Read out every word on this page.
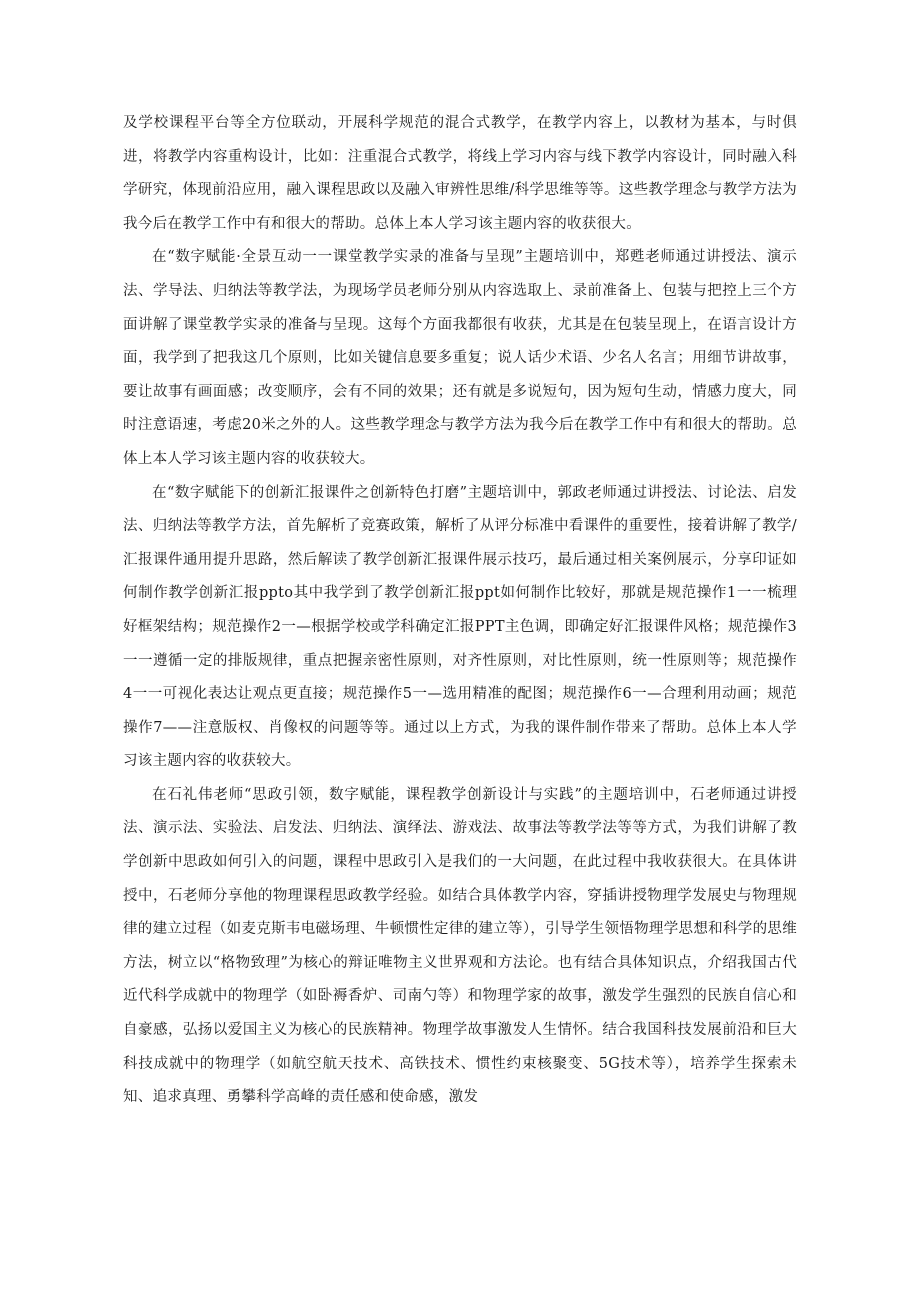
及学校课程平台等全方位联动，开展科学规范的混合式教学，在教学内容上，以教材为基本，与时俱进，将教学内容重构设计，比如：注重混合式教学，将线上学习内容与线下教学内容设计，同时融入科学研究，体现前沿应用，融入课程思政以及融入审辨性思维/科学思维等等。这些教学理念与教学方法为我今后在教学工作中有和很大的帮助。总体上本人学习该主题内容的收获很大。

在“数字赋能·全景互动一一课堂教学实录的准备与呈现”主题培训中，郑甦老师通过讲授法、演示法、学导法、归纳法等教学法，为现场学员老师分别从内容选取上、录前准备上、包装与把控上三个方面讲解了课堂教学实录的准备与呈现。这每个方面我都很有收获，尤其是在包装呈现上，在语言设计方面，我学到了把我这几个原则，比如关键信息要多重复；说人话少术语、少名人名言；用细节讲故事，要让故事有画面感；改变顺序，会有不同的效果；还有就是多说短句，因为短句生动，情感力度大，同时注意语速，考虑20米之外的人。这些教学理念与教学方法为我今后在教学工作中有和很大的帮助。总体上本人学习该主题内容的收获较大。

在“数字赋能下的创新汇报课件之创新特色打磨”主题培训中，郭政老师通过讲授法、讨论法、启发法、归纳法等教学方法，首先解析了竞赛政策，解析了从评分标准中看课件的重要性，接着讲解了教学/汇报课件通用提升思路，然后解读了教学创新汇报课件展示技巧，最后通过相关案例展示，分享印证如何制作教学创新汇报pptο其中我学到了教学创新汇报ppt如何制作比较好，那就是规范操作1一一梳理好框架结构；规范操作2一—根据学校或学科确定汇报PPT主色调，即确定好汇报课件风格；规范操作3一一遵循一定的排版规律，重点把握亲密性原则，对齐性原则，对比性原则，统一性原则等；规范操作4一一可视化表达让观点更直接；规范操作5一—选用精准的配图；规范操作6一—合理利用动画；规范操作7——注意版权、肖像权的问题等等。通过以上方式，为我的课件制作带来了帮助。总体上本人学习该主题内容的收获较大。

在石礼伟老师“思政引领，数字赋能，课程教学创新设计与实践”的主题培训中，石老师通过讲授法、演示法、实验法、启发法、归纳法、演绎法、游戏法、故事法等教学法等等方式，为我们讲解了教学创新中思政如何引入的问题，课程中思政引入是我们的一大问题，在此过程中我收获很大。在具体讲授中，石老师分享他的物理课程思政教学经验。如结合具体教学内容，穿插讲授物理学发展史与物理规律的建立过程（如麦克斯韦电磁场理、牛顿惯性定律的建立等），引导学生领悟物理学思想和科学的思维方法，树立以“格物致理”为核心的辩证唯物主义世界观和方法论。也有结合具体知识点，介绍我国古代近代科学成就中的物理学（如卧褥香炉、司南勺等）和物理学家的故事，激发学生强烈的民族自信心和自豪感，弘扬以爱国主义为核心的民族精神。物理学故事激发人生情怀。结合我国科技发展前沿和巨大科技成就中的物理学（如航空航天技术、高铁技术、惯性约束核聚变、5G技术等），培养学生探索未知、追求真理、勇攀科学高峰的责任感和使命感，激发
